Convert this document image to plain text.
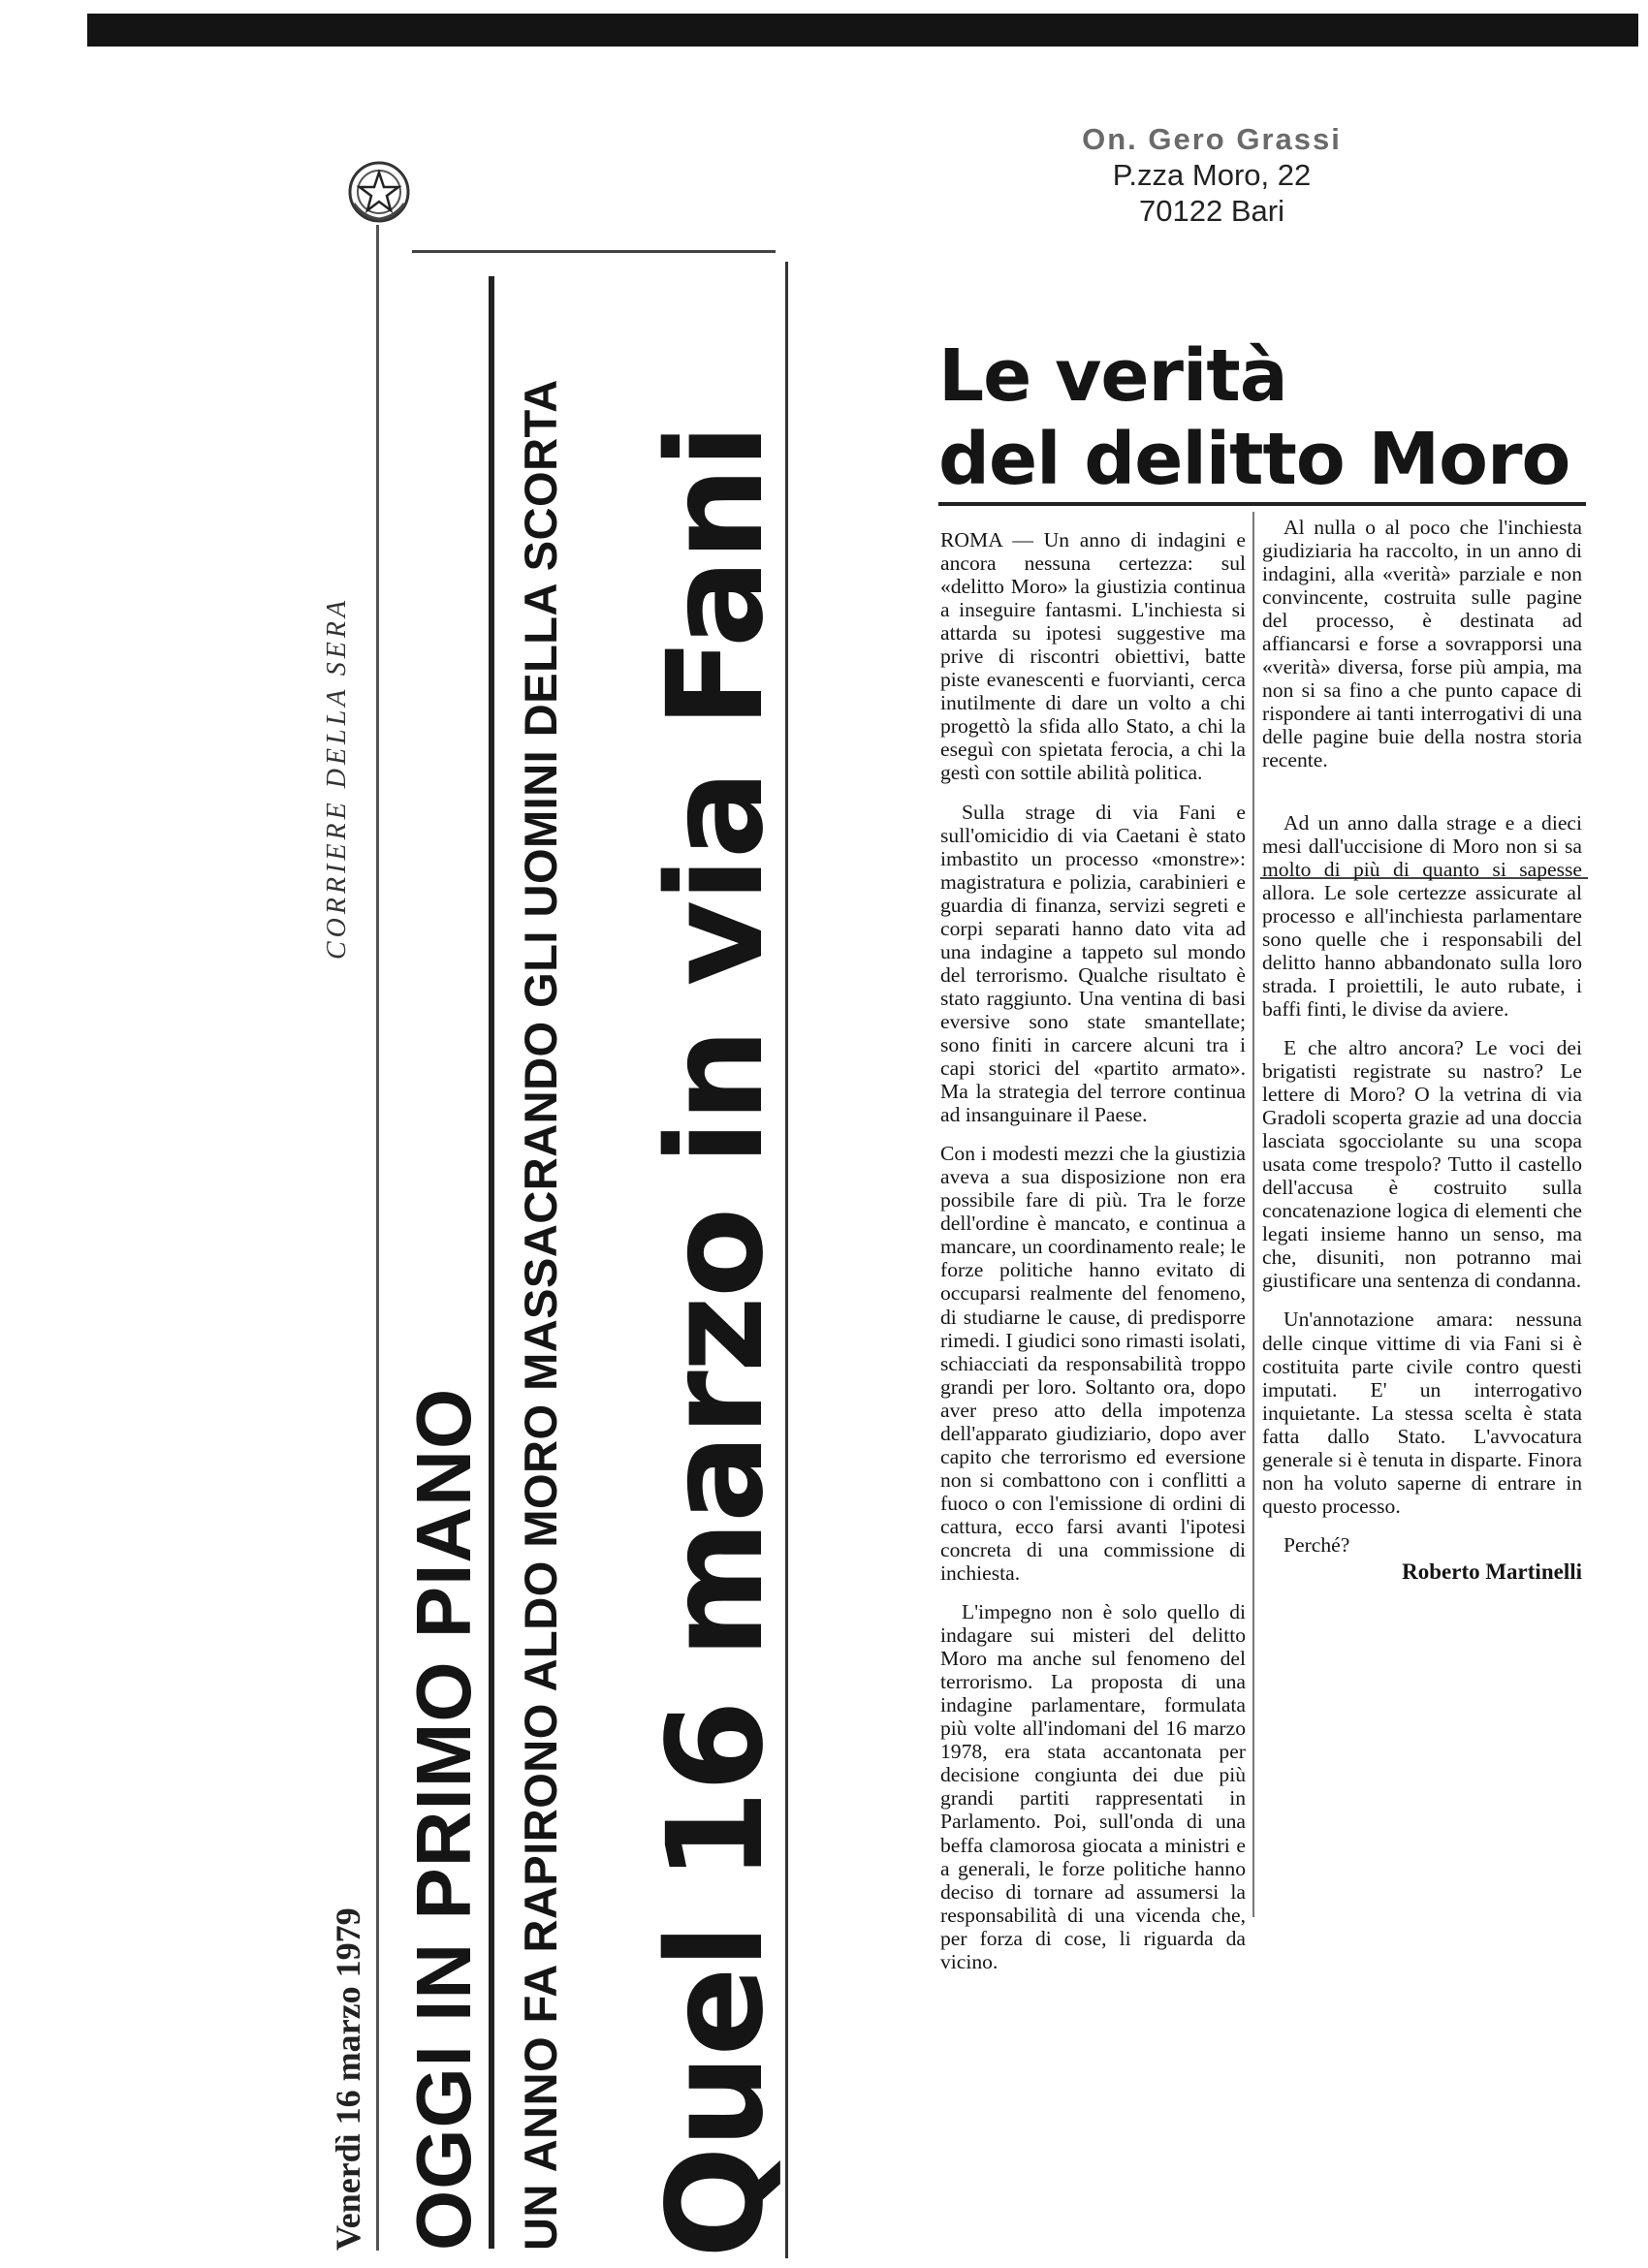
On. Gero Grassi
P.zza Moro, 22
70122 Bari
CORRIERE DELLA SERA
Venerdì 16 marzo 1979 OGGI IN PRIMO PIANO UN ANNO FA RAPIRONO ALDO MORO MASSACRANDO GLI UOMINI DELLA SCORTA Quel 16 marzo in via Fani
Le verità
del delitto Moro

ROMA — Un anno di indagini e ancora nessuna certezza: sul «delitto Moro» la giustizia continua a inseguire fantasmi. L'inchiesta si attarda su ipotesi suggestive ma prive di riscontri obiettivi, batte piste evanescenti e fuorvianti, cerca inutilmente di dare un volto a chi progettò la sfida allo Stato, a chi la eseguì con spietata ferocia, a chi la gestì con sottile abilità politica.

Sulla strage di via Fani e sull'omicidio di via Caetani è stato imbastito un processo «monstre»: magistratura e polizia, carabinieri e guardia di finanza, servizi segreti e corpi separati hanno dato vita ad una indagine a tappeto sul mondo del terrorismo. Qualche risultato è stato raggiunto. Una ventina di basi eversive sono state smantellate; sono finiti in carcere alcuni tra i capi storici del «partito armato». Ma la strategia del terrore continua ad insanguinare il Paese.

Con i modesti mezzi che la giustizia aveva a sua disposizione non era possibile fare di più. Tra le forze dell'ordine è mancato, e continua a mancare, un coordinamento reale; le forze politiche hanno evitato di occuparsi realmente del fenomeno, di studiarne le cause, di predisporre rimedi. I giudici sono rimasti isolati, schiacciati da responsabilità troppo grandi per loro. Soltanto ora, dopo aver preso atto della impotenza dell'apparato giudiziario, dopo aver capito che terrorismo ed eversione non si combattono con i conflitti a fuoco o con l'emissione di ordini di cattura, ecco farsi avanti l'ipotesi concreta di una commissione di inchiesta.

L'impegno non è solo quello di indagare sui misteri del delitto Moro ma anche sul fenomeno del terrorismo. La proposta di una indagine parlamentare, formulata più volte all'indomani del 16 marzo 1978, era stata accantonata per decisione congiunta dei due più grandi partiti rappresentati in Parlamento. Poi, sull'onda di una beffa clamorosa giocata a ministri e a generali, le forze politiche hanno deciso di tornare ad assumersi la responsabilità di una vicenda che, per forza di cose, li riguarda da vicino.

Al nulla o al poco che l'inchiesta giudiziaria ha raccolto, in un anno di indagini, alla «verità» parziale e non convincente, costruita sulle pagine del processo, è destinata ad affiancarsi e forse a sovrapporsi una «verità» diversa, forse più ampia, ma non si sa fino a che punto capace di rispondere ai tanti interrogativi di una delle pagine buie della nostra storia recente.

Ad un anno dalla strage e a dieci mesi dall'uccisione di Moro non si sa molto di più di quanto si sapesse allora. Le sole certezze assicurate al processo e all'inchiesta parlamentare sono quelle che i responsabili del delitto hanno abbandonato sulla loro strada. I proiettili, le auto rubate, i baffi finti, le divise da aviere.

E che altro ancora? Le voci dei brigatisti registrate su nastro? Le lettere di Moro? O la vetrina di via Gradoli scoperta grazie ad una doccia lasciata sgocciolante su una scopa usata come trespolo? Tutto il castello dell'accusa è costruito sulla concatenazione logica di elementi che legati insieme hanno un senso, ma che, disuniti, non potranno mai giustificare una sentenza di condanna.

Un'annotazione amara: nessuna delle cinque vittime di via Fani si è costituita parte civile contro questi imputati. E' un interrogativo inquietante. La stessa scelta è stata fatta dallo Stato. L'avvocatura generale si è tenuta in disparte. Finora non ha voluto saperne di entrare in questo processo.

Perché?

Roberto Martinelli
